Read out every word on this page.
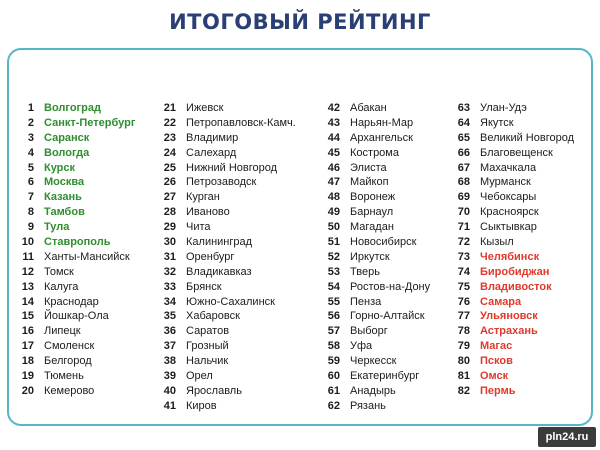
ИТОГОВЫЙ РЕЙТИНГ
1 Волгоград
2 Санкт-Петербург
3 Саранск
4 Вологда
5 Курск
6 Москва
7 Казань
8 Тамбов
9 Тула
10 Ставрополь
11 Ханты-Мансийск
12 Томск
13 Калуга
14 Краснодар
15 Йошкар-Ола
16 Липецк
17 Смоленск
18 Белгород
19 Тюмень
20 Кемерово
21 Ижевск
22 Петропавловск-Камч.
23 Владимир
24 Салехард
25 Нижний Новгород
26 Петрозаводск
27 Курган
28 Иваново
29 Чита
30 Калининград
31 Оренбург
32 Владикавказ
33 Брянск
34 Южно-Сахалинск
35 Хабаровск
36 Саратов
37 Грозный
38 Нальчик
39 Орел
40 Ярославль
41 Киров
42 Абакан
43 Нарьян-Мар
44 Архангельск
45 Кострома
46 Элиста
47 Майкоп
48 Воронеж
49 Барнаул
50 Магадан
51 Новосибирск
52 Иркутск
53 Тверь
54 Ростов-на-Дону
55 Пенза
56 Горно-Алтайск
57 Выборг
58 Уфа
59 Черкесск
60 Екатеринбург
61 Анадырь
62 Рязань
63 Улан-Удэ
64 Якутск
65 Великий Новгород
66 Благовещенск
67 Махачкала
68 Мурманск
69 Чебоксары
70 Красноярск
71 Сыктывкар
72 Кызыл
73 Челябинск
74 Биробиджан
75 Владивосток
76 Самара
77 Ульяновск
78 Астрахань
79 Магас
80 Псков
81 Омск
82 Пермь
pln24.ru
